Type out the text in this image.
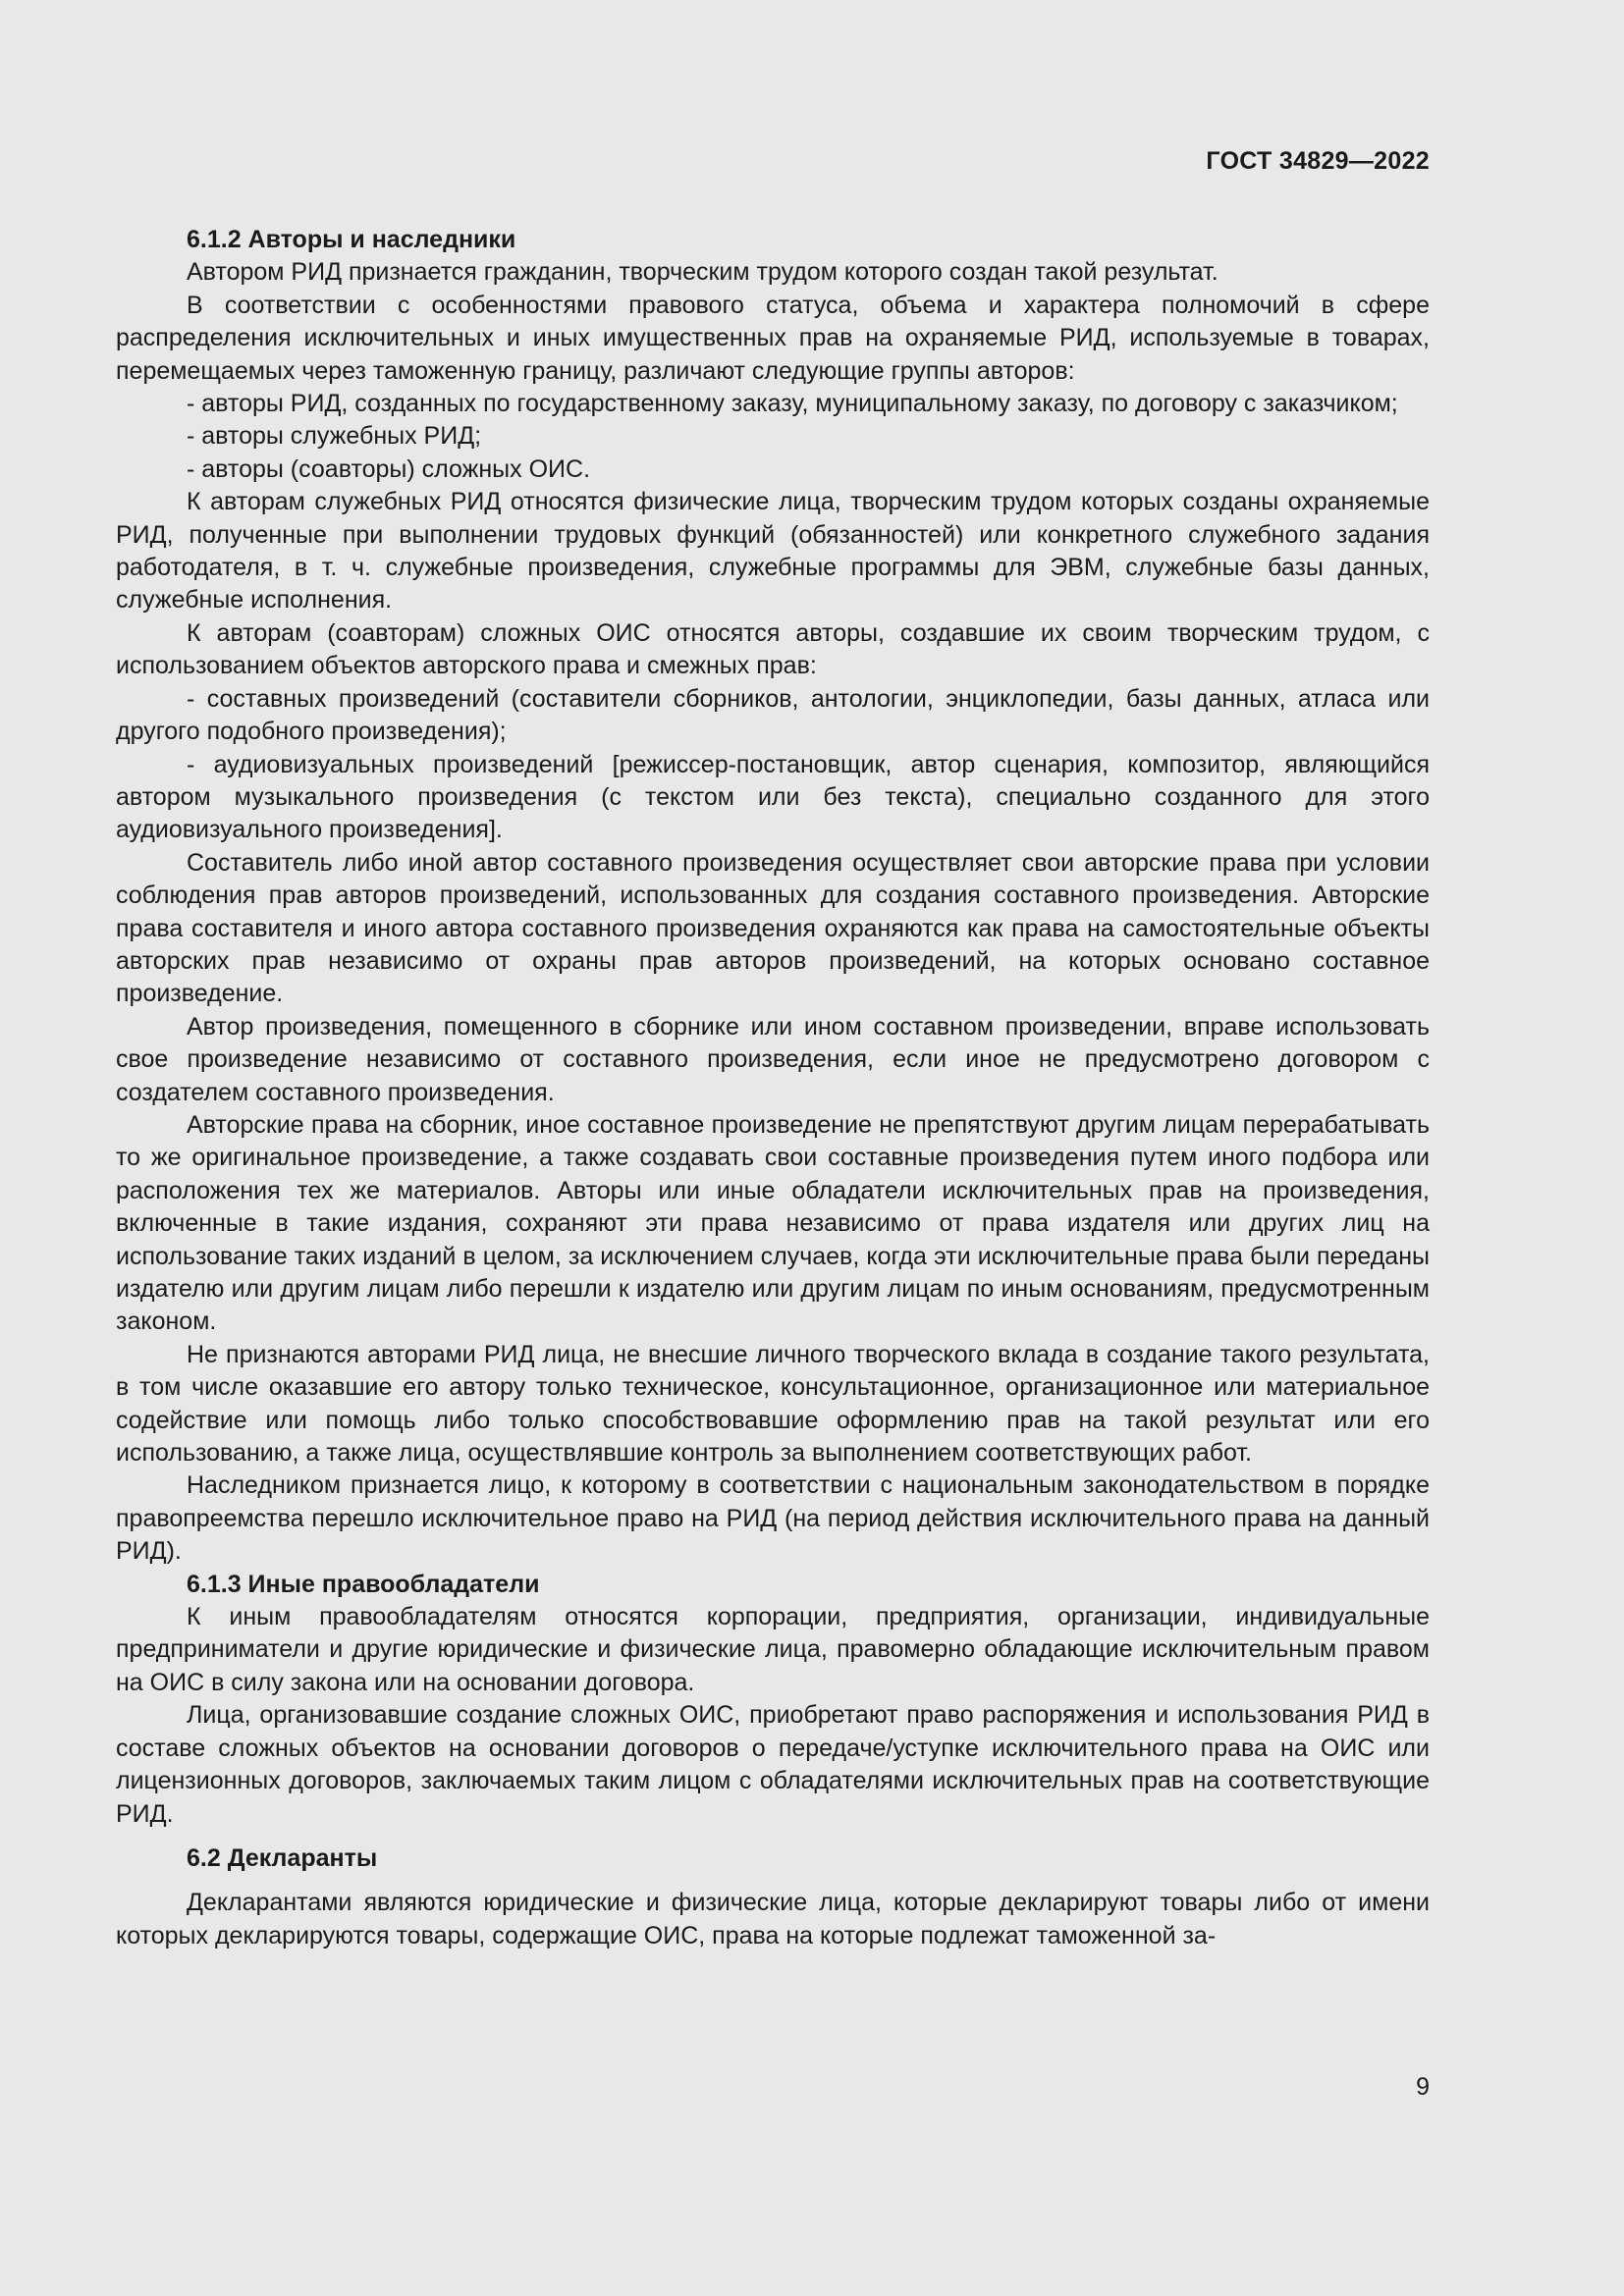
ГОСТ 34829—2022

6.1.2 Авторы и наследники

Автором РИД признается гражданин, творческим трудом которого создан такой результат.

В соответствии с особенностями правового статуса, объема и характера полномочий в сфере распределения исключительных и иных имущественных прав на охраняемые РИД, используемые в товарах, перемещаемых через таможенную границу, различают следующие группы авторов:

- авторы РИД, созданных по государственному заказу, муниципальному заказу, по договору с заказчиком;

- авторы служебных РИД;

- авторы (соавторы) сложных ОИС.

К авторам служебных РИД относятся физические лица, творческим трудом которых созданы охраняемые РИД, полученные при выполнении трудовых функций (обязанностей) или конкретного служебного задания работодателя, в т. ч. служебные произведения, служебные программы для ЭВМ, служебные базы данных, служебные исполнения.

К авторам (соавторам) сложных ОИС относятся авторы, создавшие их своим творческим трудом, с использованием объектов авторского права и смежных прав:

- составных произведений (составители сборников, антологии, энциклопедии, базы данных, атласа или другого подобного произведения);

- аудиовизуальных произведений [режиссер-постановщик, автор сценария, композитор, являющийся автором музыкального произведения (с текстом или без текста), специально созданного для этого аудиовизуального произведения].

Составитель либо иной автор составного произведения осуществляет свои авторские права при условии соблюдения прав авторов произведений, использованных для создания составного произведения. Авторские права составителя и иного автора составного произведения охраняются как права на самостоятельные объекты авторских прав независимо от охраны прав авторов произведений, на которых основано составное произведение.

Автор произведения, помещенного в сборнике или ином составном произведении, вправе использовать свое произведение независимо от составного произведения, если иное не предусмотрено договором с создателем составного произведения.

Авторские права на сборник, иное составное произведение не препятствуют другим лицам перерабатывать то же оригинальное произведение, а также создавать свои составные произведения путем иного подбора или расположения тех же материалов. Авторы или иные обладатели исключительных прав на произведения, включенные в такие издания, сохраняют эти права независимо от права издателя или других лиц на использование таких изданий в целом, за исключением случаев, когда эти исключительные права были переданы издателю или другим лицам либо перешли к издателю или другим лицам по иным основаниям, предусмотренным законом.

Не признаются авторами РИД лица, не внесшие личного творческого вклада в создание такого результата, в том числе оказавшие его автору только техническое, консультационное, организационное или материальное содействие или помощь либо только способствовавшие оформлению прав на такой результат или его использованию, а также лица, осуществлявшие контроль за выполнением соответствующих работ.

Наследником признается лицо, к которому в соответствии с национальным законодательством в порядке правопреемства перешло исключительное право на РИД (на период действия исключительного права на данный РИД).

6.1.3 Иные правообладатели

К иным правообладателям относятся корпорации, предприятия, организации, индивидуальные предприниматели и другие юридические и физические лица, правомерно обладающие исключительным правом на ОИС в силу закона или на основании договора.

Лица, организовавшие создание сложных ОИС, приобретают право распоряжения и использования РИД в составе сложных объектов на основании договоров о передаче/уступке исключительного права на ОИС или лицензионных договоров, заключаемых таким лицом с обладателями исключительных прав на соответствующие РИД.

6.2 Декларанты

Декларантами являются юридические и физические лица, которые декларируют товары либо от имени которых декларируются товары, содержащие ОИС, права на которые подлежат таможенной за-

9
